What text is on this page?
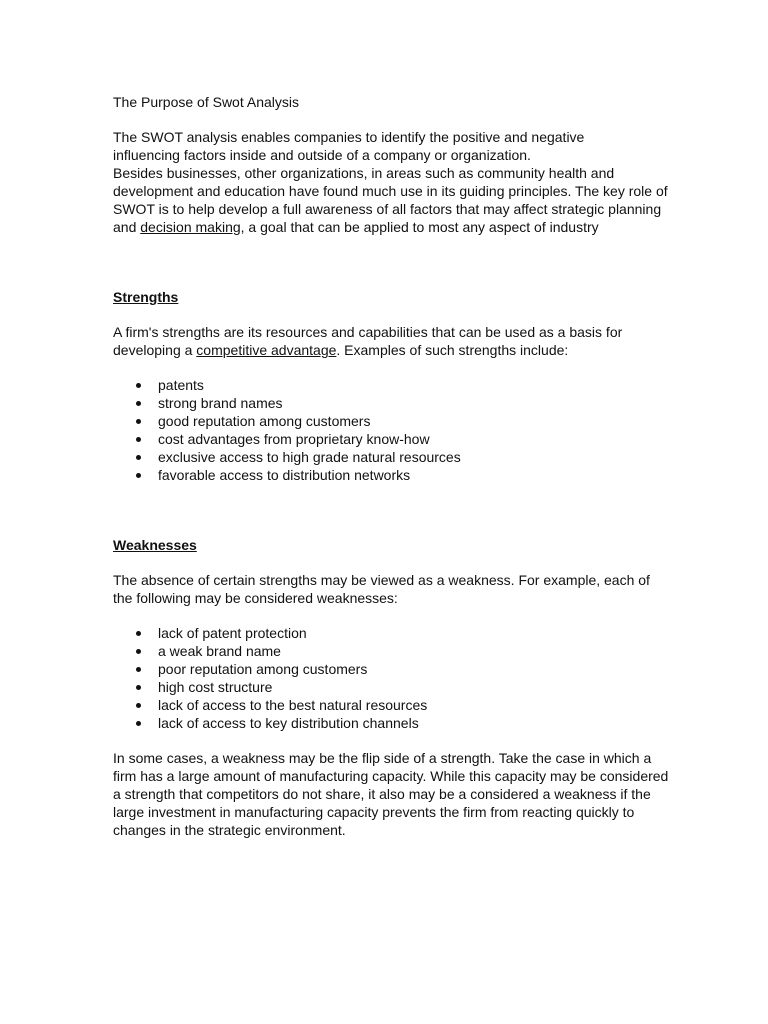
The Purpose of Swot Analysis

The SWOT analysis enables companies to identify the positive and negative
influencing factors inside and outside of a company or organization.

Besides businesses, other organizations, in areas such as community health and development and education have found much use in its guiding principles. The key role of SWOT is to help develop a full awareness of all factors that may affect strategic planning and decision making, a goal that can be applied to most any aspect of industry

Strengths

A firm's strengths are its resources and capabilities that can be used as a basis for developing a competitive advantage. Examples of such strengths include:

patents
strong brand names
good reputation among customers
cost advantages from proprietary know-how
exclusive access to high grade natural resources
favorable access to distribution networks

Weaknesses

The absence of certain strengths may be viewed as a weakness. For example, each of the following may be considered weaknesses:

lack of patent protection
a weak brand name
poor reputation among customers
high cost structure
lack of access to the best natural resources
lack of access to key distribution channels

In some cases, a weakness may be the flip side of a strength. Take the case in which a firm has a large amount of manufacturing capacity. While this capacity may be considered a strength that competitors do not share, it also may be a considered a weakness if the large investment in manufacturing capacity prevents the firm from reacting quickly to changes in the strategic environment.
